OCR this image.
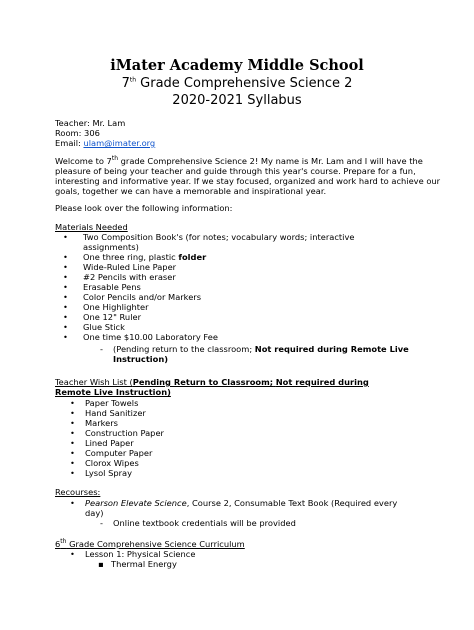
iMater Academy Middle School
7th Grade Comprehensive Science 2
2020-2021 Syllabus
Teacher: Mr. Lam
Room: 306
Email: ulam@imater.org
Welcome to 7th grade Comprehensive Science 2! My name is Mr. Lam and I will have the
pleasure of being your teacher and guide through this year's course. Prepare for a fun,
interesting and informative year. If we stay focused, organized and work hard to achieve our
goals, together we can have a memorable and inspirational year.
Please look over the following information:
Materials Needed
• Two Composition Book's (for notes; vocabulary words; interactive
assignments)
• One three ring, plastic folder
• Wide-Ruled Line Paper
• #2 Pencils with eraser
• Erasable Pens
• Color Pencils and/or Markers
• One Highlighter
• One 12" Ruler
• Glue Stick
• One time $10.00 Laboratory Fee
- (Pending return to the classroom; Not required during Remote Live
Instruction)
Teacher Wish List (Pending Return to Classroom; Not required during
Remote Live Instruction)
• Paper Towels
• Hand Sanitizer
• Markers
• Construction Paper
• Lined Paper
• Computer Paper
• Clorox Wipes
• Lysol Spray
Recourses:
• Pearson Elevate Science, Course 2, Consumable Text Book (Required every
day)
- Online textbook credentials will be provided
6th Grade Comprehensive Science Curriculum
• Lesson 1: Physical Science
▪ Thermal Energy
